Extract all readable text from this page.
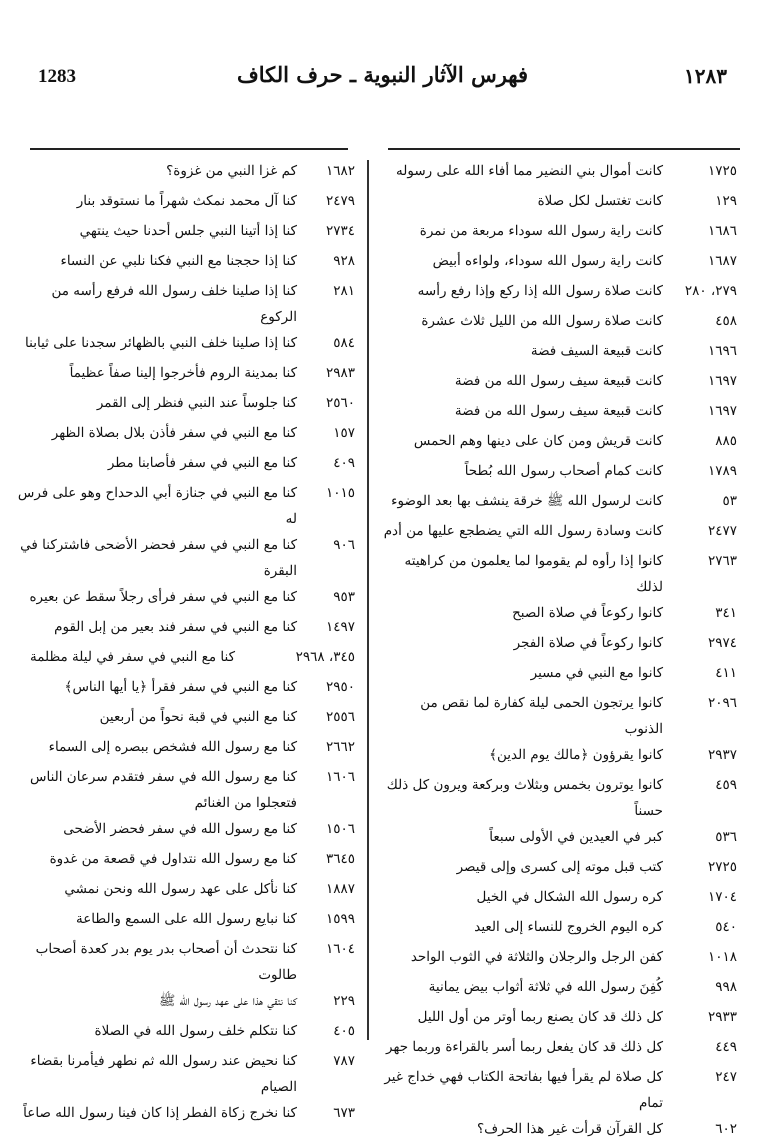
1283	فهرس الآثار النبوية ـ حرف الكاف	١٢٨٣
١٧٢٥
كانت أموال بني النضير مما أفاء الله على رسوله
١٢٩
كانت تغتسل لكل صلاة
١٦٨٦
كانت راية رسول الله سوداء مربعة من نمرة
١٦٨٧
كانت راية رسول الله سوداء، ولواءه أبيض
٢٧٩، ٢٨٠
كانت صلاة رسول الله إذا ركع وإذا رفع رأسه
٤٥٨
كانت صلاة رسول الله من الليل ثلاث عشرة
١٦٩٦
كانت قبيعة السيف فضة
١٦٩٧
كانت قبيعة سيف رسول الله من فضة
١٦٩٧
كانت قبيعة سيف رسول الله من فضة
٨٨٥
كانت قريش ومن كان على دينها وهم الحمس
١٧٨٩
كانت كمام أصحاب رسول الله بُطحاً
٥٣
كانت لرسول الله ﷺ خرقة ينشف بها بعد الوضوء
٢٤٧٧
كانت وسادة رسول الله التي يضطجع عليها من أدم
٢٧٦٣
كانوا إذا رأوه لم يقوموا لما يعلمون من كراهيته لذلك
٣٤١
كانوا ركوعاً في صلاة الصبح
٢٩٧٤
كانوا ركوعاً في صلاة الفجر
٤١١
كانوا مع النبي في مسير
٢٠٩٦
كانوا يرتجون الحمى ليلة كفارة لما نقص من الذنوب
٢٩٣٧
كانوا يقرؤون ﴿مالك يوم الدين﴾
٤٥٩
كانوا يوترون بخمس وبثلاث وبركعة ويرون كل ذلك حسناً
٥٣٦
كبر في العيدين في الأولى سبعاً
٢٧٢٥
كتب قبل موته إلى كسرى وإلى قيصر
١٧٠٤
كره رسول الله الشكال في الخيل
٥٤٠
كره اليوم الخروج للنساء إلى العيد
١٠١٨
كفن الرجل والرجلان والثلاثة في الثوب الواحد
٩٩٨
كُفِنَ رسول الله في ثلاثة أثواب بيض يمانية
٢٩٣٣
كل ذلك قد كان يصنع ربما أوتر من أول الليل
٤٤٩
كل ذلك قد كان يفعل ربما أسر بالقراءة وربما جهر
٢٤٧
كل صلاة لم يقرأ فيها بفاتحة الكتاب فهي خداج غير تمام
٦٠٢
كل القرآن قرأت غير هذا الحرف؟
١٦٨٢
كم غزا النبي من غزوة؟
٢٤٧٩
كنا آل محمد نمكث شهراً ما نستوقد بنار
٢٧٣٤
كنا إذا أتينا النبي جلس أحدنا حيث ينتهي
٩٢٨
كنا إذا حججنا مع النبي فكنا نلبي عن النساء
٢٨١
كنا إذا صلينا خلف رسول الله فرفع رأسه من الركوع
٥٨٤
كنا إذا صلينا خلف النبي بالظهائر سجدنا على ثيابنا
٢٩٨٣
كنا بمدينة الروم فأخرجوا إلينا صفاً عظيماً
٢٥٦٠
كنا جلوساً عند النبي فنظر إلى القمر
١٥٧
كنا مع النبي في سفر فأذن بلال بصلاة الظهر
٤٠٩
كنا مع النبي في سفر فأصابنا مطر
١٠١٥
كنا مع النبي في جنازة أبي الدحداح وهو على فرس له
٩٠٦
كنا مع النبي في سفر فحضر الأضحى فاشتركنا في البقرة
٩٥٣
كنا مع النبي في سفر فرأى رجلاً سقط عن بعيره
١٤٩٧
كنا مع النبي في سفر فند بعير من إبل القوم
٣٤٥، ٢٩٦٨
كنا مع النبي في سفر في ليلة مظلمة
٢٩٥٠
كنا مع النبي في سفر فقرأ ﴿يا أيها الناس﴾
٢٥٥٦
كنا مع النبي في قبة نحواً من أربعين
٢٦٦٢
كنا مع رسول الله فشخص ببصره إلى السماء
١٦٠٦
كنا مع رسول الله في سفر فتقدم سرعان الناس فتعجلوا من الغنائم
١٥٠٦
كنا مع رسول الله في سفر فحضر الأضحى
٣٦٤٥
كنا مع رسول الله نتداول في قصعة من غدوة
١٨٨٧
كنا نأكل على عهد رسول الله ونحن نمشي
١٥٩٩
كنا نبايع رسول الله على السمع والطاعة
١٦٠٤
كنا نتحدث أن أصحاب بدر يوم بدر كعدة أصحاب طالوت
٢٢٩
كنا نتقي هذا على عهد رسول الله ﷺ
٤٠٥
كنا نتكلم خلف رسول الله في الصلاة
٧٨٧
كنا نحيض عند رسول الله ثم نطهر فيأمرنا بقضاء الصيام
٦٧٣
كنا نخرج زكاة الفطر إذا كان فينا رسول الله صاعاً
